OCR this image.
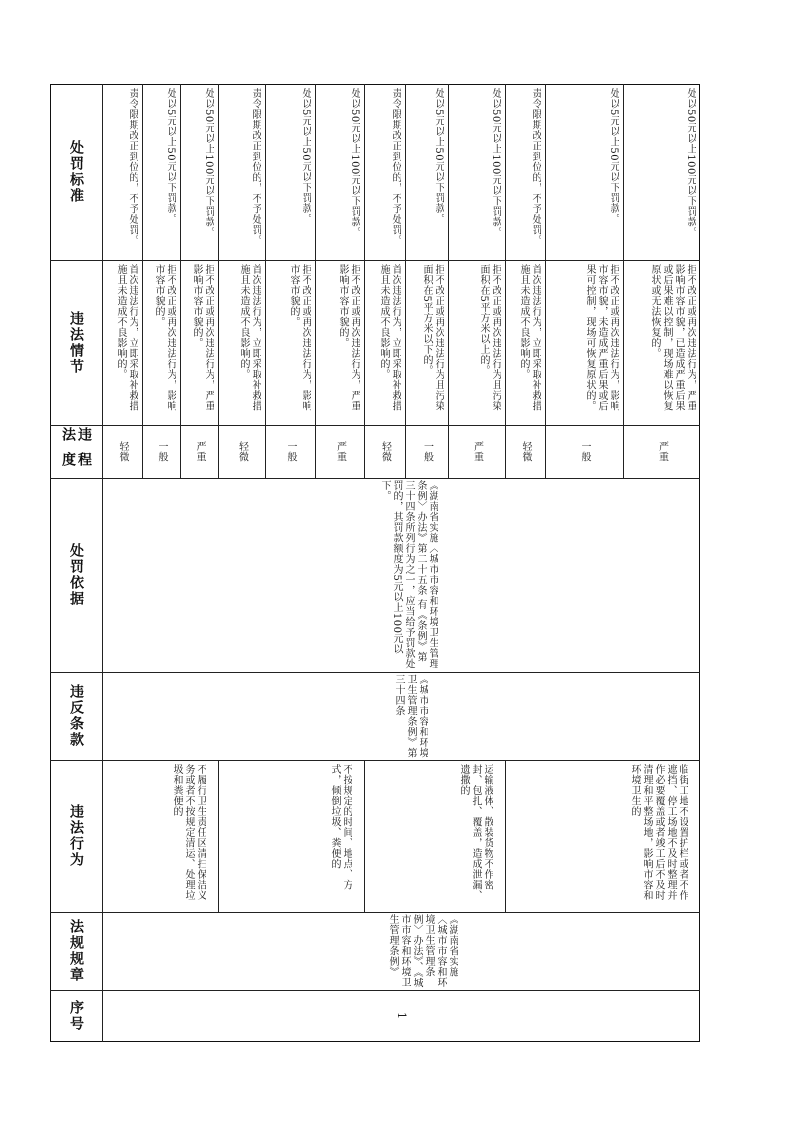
处罚标准
违法情节
违法
程度
处罚依据
违反条款
违法行为
法规规章
序号	1
《湖南省实施〈城市市容和环境卫生管理条例〉办法》、《城市市容和环境卫生管理条例》
《城市市容和环境卫生管理条例》第三十四条
《湖南省实施〈城市市容和环境卫生管理条例〉办法》第二十五条 有《条例》第三十四条所列行为之一，应当给予罚款处罚的，其罚款额度为5元以上100元以下。
不履行卫生责任区清扫保洁义务或者不按规定清运、处理垃圾和粪便的
轻微
首次违法行为，立即采取补救措施且未造成不良影响的。
责令限期改正到位的，不予处罚。
一般
拒不改正或再次违法行为，影响市容市貌的。
处以5元以上50元以下罚款。
严重
拒不改正或再次违法行为，严重影响市容市貌的。
处以50元以上100元以下罚款。
不按规定的时间、地点、方式，倾倒垃圾、粪便的
轻微
首次违法行为，立即采取补救措施且未造成不良影响的。
责令限期改正到位的，不予处罚。
一般
拒不改正或再次违法行为，影响市容市貌的。
处以5元以上50元以下罚款。
严重
拒不改正或再次违法行为，严重影响市容市貌的。
处以50元以上100元以下罚款。
运输液体、散装货物不作密封、包扎、覆盖，造成泄漏、遗撒的
轻微
首次违法行为，立即采取补救措施且未造成不良影响的。
责令限期改正到位的，不予处罚。
一般
拒不改正或再次违法行为且污染面积在5平方米以下的。
处以5元以上50元以下罚款。
严重
拒不改正或再次违法行为且污染面积在5平方米以上的。
处以50元以上100元以下罚款。
临街工地不设置护栏或者不作遮挡、停工场地不及时整理并作必要覆盖或者竣工后不及时清理和平整场地，影响市容和环境卫生的
轻微
首次违法行为，立即采取补救措施且未造成不良影响的。
责令限期改正到位的，不予处罚。
一般
拒不改正或再次违法行为，影响市容市貌，未造成严重后果或后果可控制，现场可恢复原状的。
处以5元以上50元以下罚款。
严重
拒不改正或再次违法行为，严重影响市容市貌，已造成严重后果或后果难以控制，现场难以恢复原状或无法恢复的。
处以50元以上100元以下罚款。
